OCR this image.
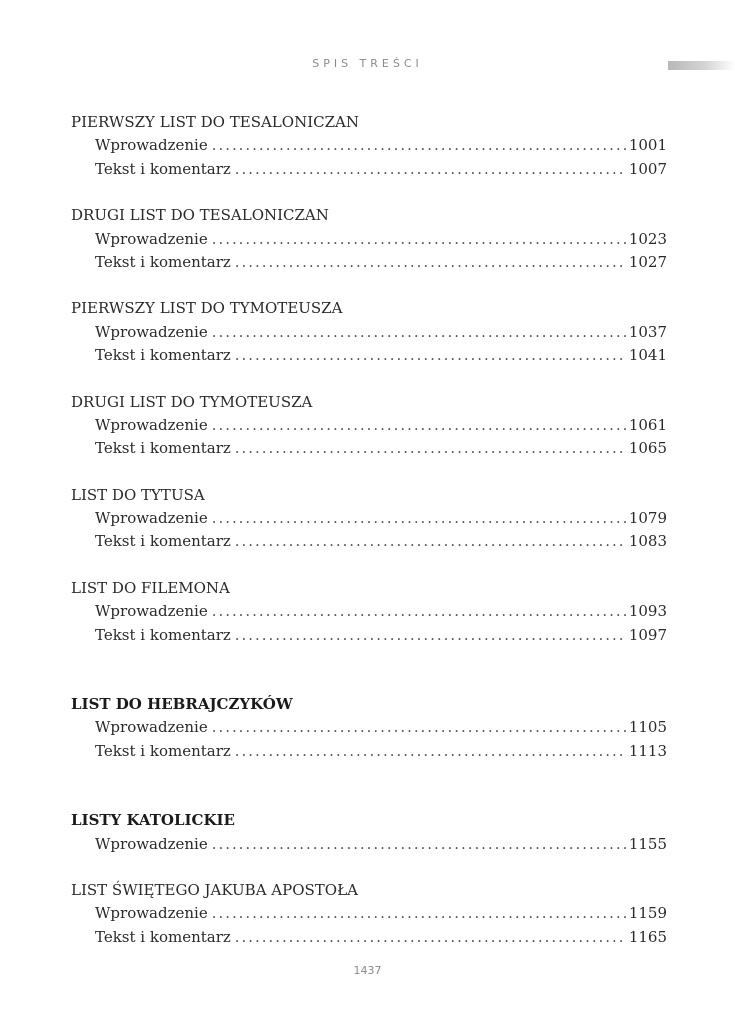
SPIS TREŚCI
PIERWSZY LIST DO TESALONICZAN
Wprowadzenie . . .	1001
Tekst i komentarz . . .	1007
DRUGI LIST DO TESALONICZAN
Wprowadzenie . . .	1023
Tekst i komentarz . . .	1027
PIERWSZY LIST DO TYMOTEUSZA
Wprowadzenie . . .	1037
Tekst i komentarz . . .	1041
DRUGI LIST DO TYMOTEUSZA
Wprowadzenie . . .	1061
Tekst i komentarz . . .	1065
LIST DO TYTUSA
Wprowadzenie . . .	1079
Tekst i komentarz . . .	1083
LIST DO FILEMONA
Wprowadzenie . . .	1093
Tekst i komentarz . . .	1097
LIST DO HEBRAJCZYKÓW
Wprowadzenie . . .	1105
Tekst i komentarz . . .	1113
LISTY KATOLICKIE
Wprowadzenie . . .	1155
LIST ŚWIĘTEGO JAKUBA APOSTOŁA
Wprowadzenie . . .	1159
Tekst i komentarz . . .	1165
1437
